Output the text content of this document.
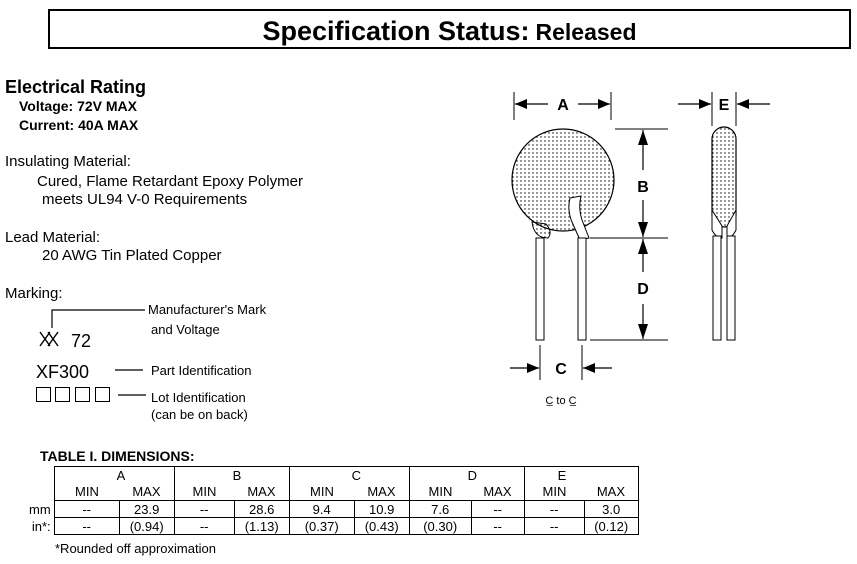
Specification Status: Released
Electrical Rating
Voltage: 72V MAX
Current: 40A MAX
Insulating Material:
Cured, Flame Retardant Epoxy Polymer
meets UL94 V-0 Requirements
Lead Material:
20 AWG Tin Plated Copper
Marking:
72
XF300
Manufacturer's Mark
and Voltage
Part Identification
Lot Identification
(can be on back)
A
B
D
C
C̲ to C̲
E
TABLE I. DIMENSIONS:
	A		B		C		D		E	
	MIN	MAX	MIN	MAX	MIN	MAX	MIN	MAX	MIN	MAX
mm	--	23.9	--	28.6	9.4	10.9	7.6	--	--	3.0
in*:	--	(0.94)	--	(1.13)	(0.37)	(0.43)	(0.30)	--	--	(0.12)
*Rounded off approximation
